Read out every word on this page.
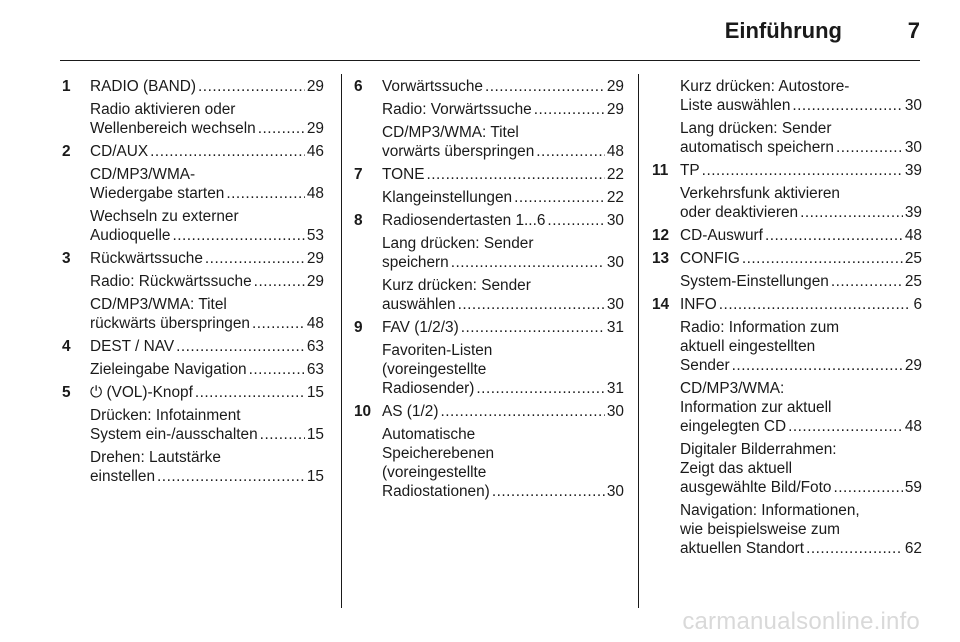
Einführung	7
1 RADIO (BAND) .....	29
Radio aktivieren oder
Wellenbereich wechseln .....	29
2 CD/AUX .....	46
CD/MP3/WMA-
Wiedergabe starten .....	48
Wechseln zu externer
Audioquelle .....	53
3 Rückwärtssuche .....	29
Radio: Rückwärtssuche .....	29
CD/MP3/WMA: Titel
rückwärts überspringen .....	48
4 DEST / NAV .....	63
Zieleingabe Navigation .....	63
5 ⏻ (VOL)-Knopf .....	15
Drücken: Infotainment
System ein-/ausschalten .....	15
Drehen: Lautstärke
einstellen .....	15
6 Vorwärtssuche .....	29
Radio: Vorwärtssuche .....	29
CD/MP3/WMA: Titel
vorwärts überspringen .....	48
7 TONE .....	22
Klangeinstellungen .....	22
8 Radiosendertasten 1...6 .....	30
Lang drücken: Sender
speichern .....	30
Kurz drücken: Sender
auswählen .....	30
9 FAV (1/2/3) .....	31
Favoriten-Listen
(voreingestellte
Radiosender) .....	31
10 AS (1/2) .....	30
Automatische
Speicherebenen
(voreingestellte
Radiostationen) .....	30
Kurz drücken: Autostore-
Liste auswählen .....	30
Lang drücken: Sender
automatisch speichern .....	30
11 TP .....	39
Verkehrsfunk aktivieren
oder deaktivieren .....	39
12 CD-Auswurf .....	48
13 CONFIG .....	25
System-Einstellungen .....	25
14 INFO .....	6
Radio: Information zum
aktuell eingestellten
Sender .....	29
CD/MP3/WMA:
Information zur aktuell
eingelegten CD .....	48
Digitaler Bilderrahmen:
Zeigt das aktuell
ausgewählte Bild/Foto .....	59
Navigation: Informationen,
wie beispielsweise zum
aktuellen Standort .....	62
carmanualsonline.info
